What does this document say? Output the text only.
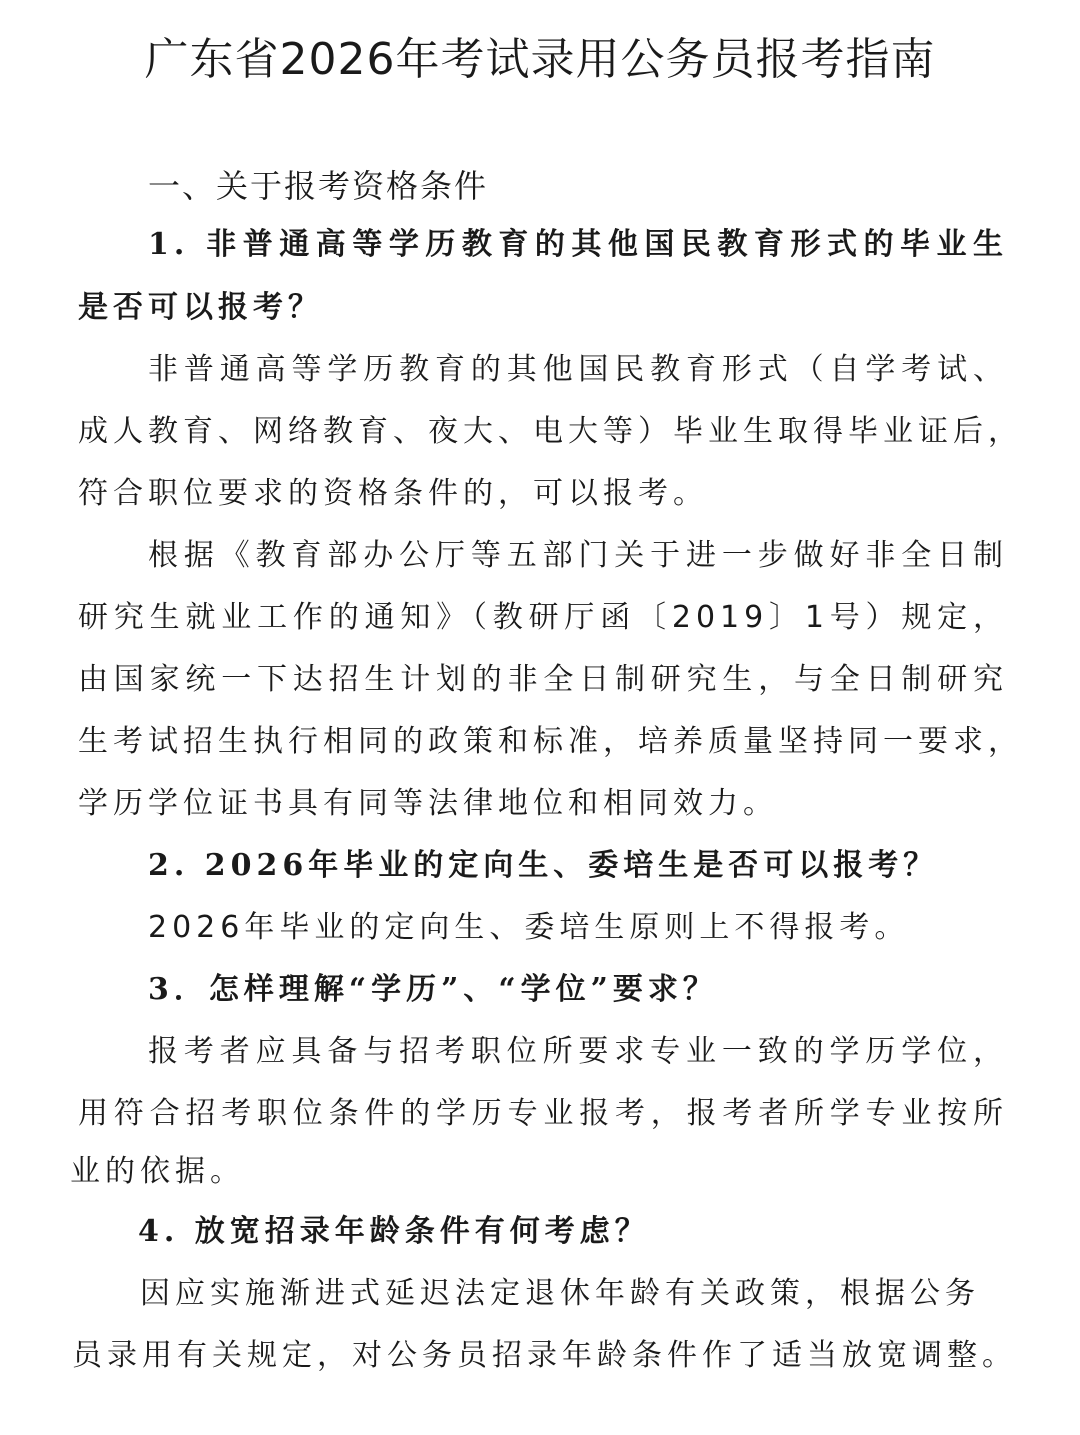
广东省2026年考试录用公务员报考指南
一、关于报考资格条件
1. 非普通高等学历教育的其他国民教育形式的毕业生
是否可以报考？
非普通高等学历教育的其他国民教育形式（自学考试、
成人教育、网络教育、夜大、电大等）毕业生取得毕业证后，
符合职位要求的资格条件的，可以报考。
根据《教育部办公厅等五部门关于进一步做好非全日制
研究生就业工作的通知》（教研厅函〔2019〕1号）规定，
由国家统一下达招生计划的非全日制研究生，与全日制研究
生考试招生执行相同的政策和标准，培养质量坚持同一要求，
学历学位证书具有同等法律地位和相同效力。
2. 2026年毕业的定向生、委培生是否可以报考？
2026年毕业的定向生、委培生原则上不得报考。
3．怎样理解“学历”、“学位”要求？
报考者应具备与招考职位所要求专业一致的学历学位，
用符合招考职位条件的学历专业报考，报考者所学专业按所
业的依据。
4. 放宽招录年龄条件有何考虑？
因应实施渐进式延迟法定退休年龄有关政策，根据公务
员录用有关规定，对公务员招录年龄条件作了适当放宽调整。
